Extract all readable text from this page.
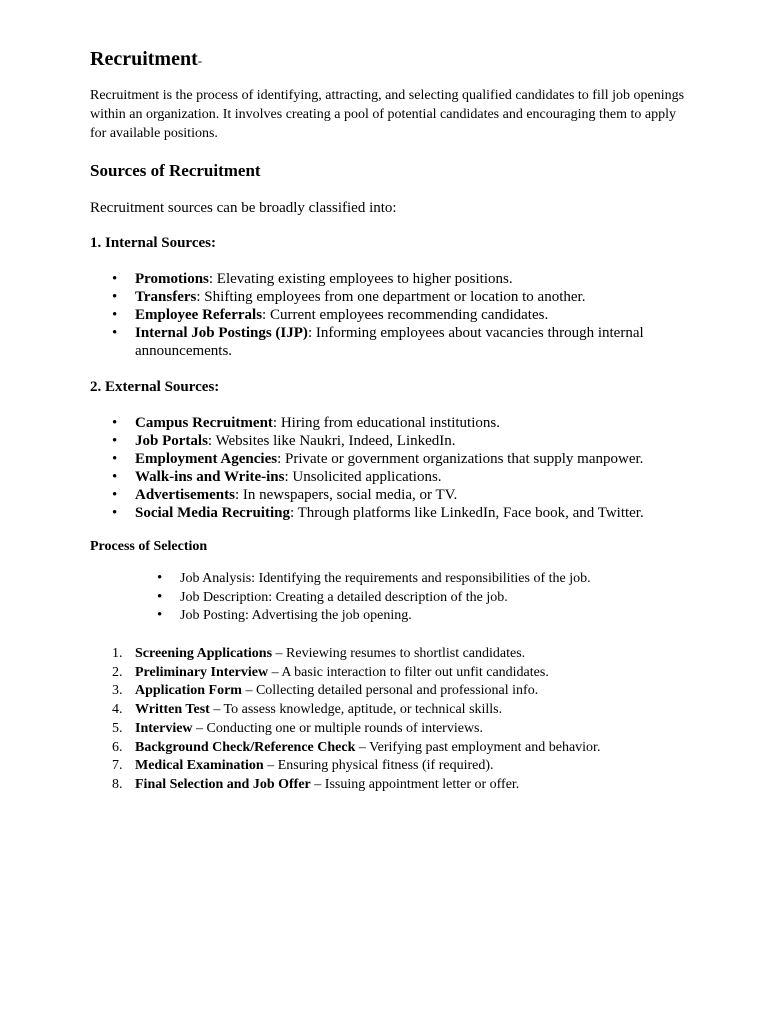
Recruitment-
Recruitment is the process of identifying, attracting, and selecting qualified candidates to fill job openings within an organization. It involves creating a pool of potential candidates and encouraging them to apply for available positions.
Sources of Recruitment
Recruitment sources can be broadly classified into:
1. Internal Sources:
• Promotions: Elevating existing employees to higher positions.
• Transfers: Shifting employees from one department or location to another.
• Employee Referrals: Current employees recommending candidates.
• Internal Job Postings (IJP): Informing employees about vacancies through internal announcements.
2. External Sources:
• Campus Recruitment: Hiring from educational institutions.
• Job Portals: Websites like Naukri, Indeed, LinkedIn.
• Employment Agencies: Private or government organizations that supply manpower.
• Walk-ins and Write-ins: Unsolicited applications.
• Advertisements: In newspapers, social media, or TV.
• Social Media Recruiting: Through platforms like LinkedIn, Face book, and Twitter.
Process of Selection
• Job Analysis: Identifying the requirements and responsibilities of the job.
• Job Description: Creating a detailed description of the job.
• Job Posting: Advertising the job opening.
1. Screening Applications – Reviewing resumes to shortlist candidates.
2. Preliminary Interview – A basic interaction to filter out unfit candidates.
3. Application Form – Collecting detailed personal and professional info.
4. Written Test – To assess knowledge, aptitude, or technical skills.
5. Interview – Conducting one or multiple rounds of interviews.
6. Background Check/Reference Check – Verifying past employment and behavior.
7. Medical Examination – Ensuring physical fitness (if required).
8. Final Selection and Job Offer – Issuing appointment letter or offer.
